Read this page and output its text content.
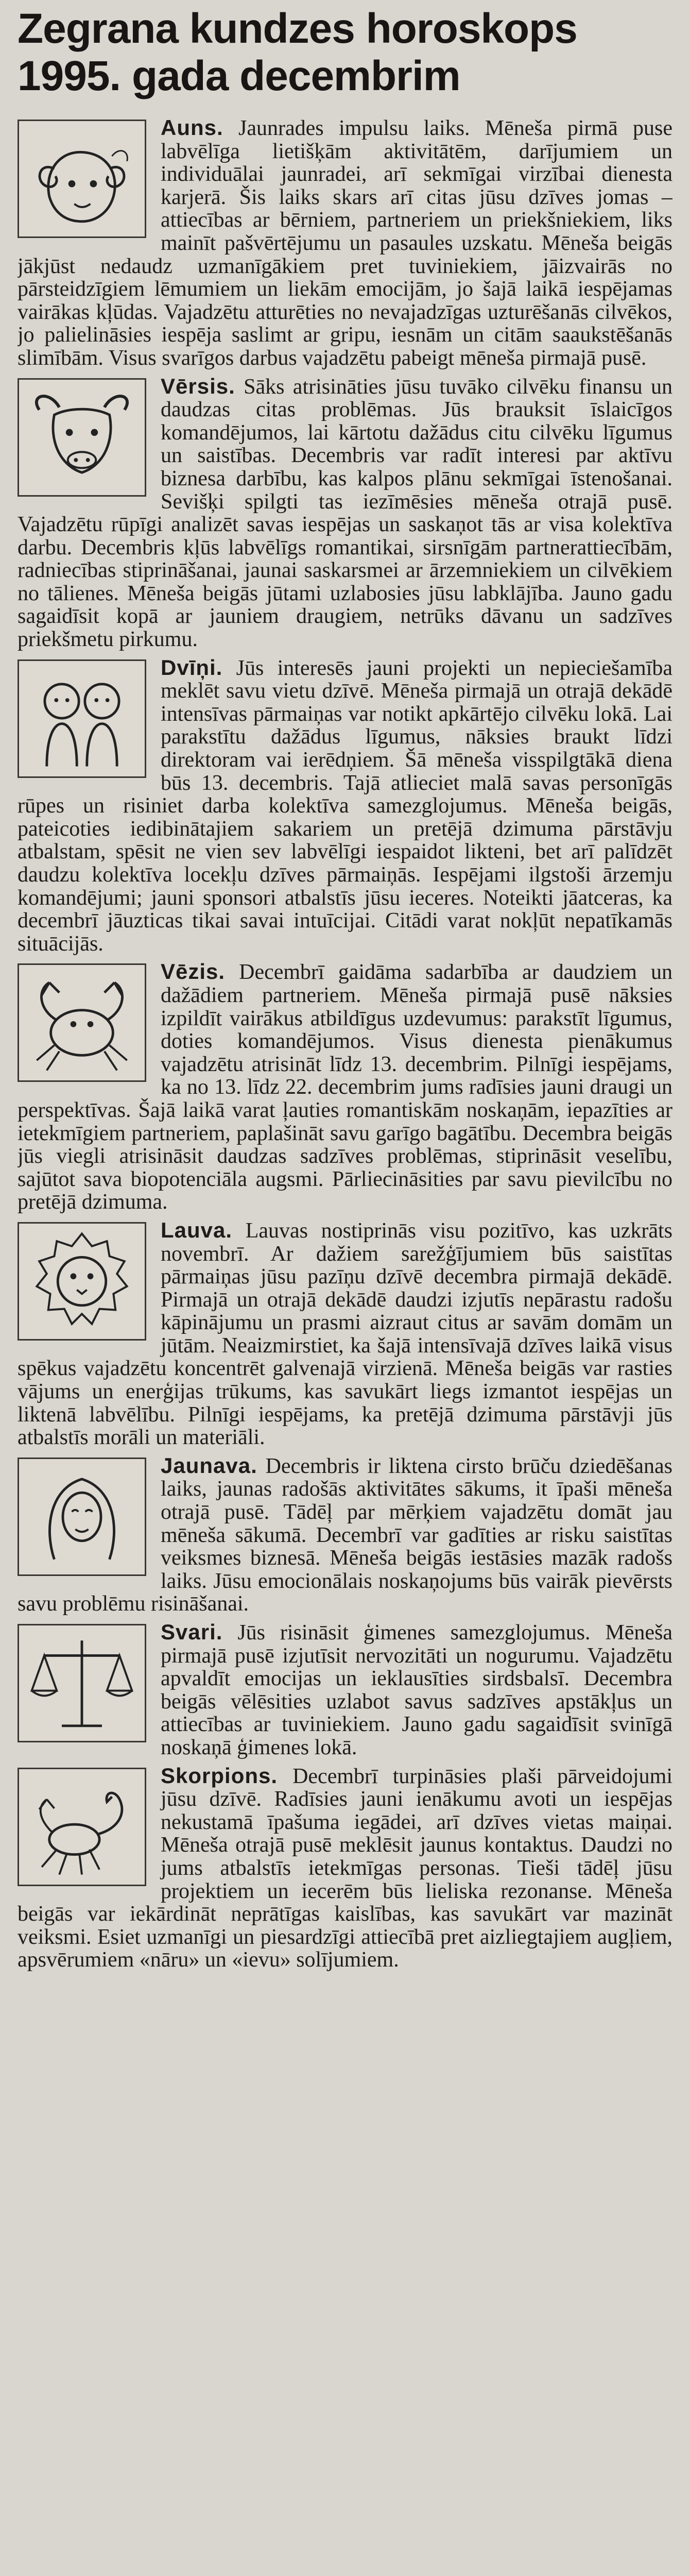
Zegrana kundzes horoskops
1995. gada decembrim

Auns. Jaunrades impulsu laiks. Mēneša pirmā puse labvēlīga lietišķām aktivitātēm, darījumiem un individuālai jaunradei, arī sekmīgai virzībai dienesta karjerā. Šis laiks skars arī citas jūsu dzīves jomas – attiecības ar bērniem, partneriem un priekšniekiem, liks mainīt pašvērtējumu un pasaules uzskatu. Mēneša beigās jākjūst nedaudz uzmanīgākiem pret tuviniekiem, jāizvairās no pārsteidzīgiem lēmumiem un liekām emocijām, jo šajā laikā iespējamas vairākas kļūdas. Vajadzētu atturēties no nevajadzīgas uzturēšanās cilvēkos, jo palielināsies iespēja saslimt ar gripu, iesnām un citām saaukstēšanās slimībām. Visus svarīgos darbus vajadzētu pabeigt mēneša pirmajā pusē.

Vērsis. Sāks atrisināties jūsu tuvāko cilvēku finansu un daudzas citas problēmas. Jūs brauksit īslaicīgos komandējumos, lai kārtotu dažādus citu cilvēku līgumus un saistības. Decembris var radīt interesi par aktīvu biznesa darbību, kas kalpos plānu sekmīgai īstenošanai. Sevišķi spilgti tas iezīmēsies mēneša otrajā pusē. Vajadzētu rūpīgi analizēt savas iespējas un saskaņot tās ar visa kolektīva darbu. Decembris kļūs labvēlīgs romantikai, sirsnīgām partnerattiecībām, radniecības stiprināšanai, jaunai saskarsmei ar ārzemniekiem un cilvēkiem no tālienes. Mēneša beigās jūtami uzlabosies jūsu labklājība. Jauno gadu sagaidīsit kopā ar jauniem draugiem, netrūks dāvanu un sadzīves priekšmetu pirkumu.

Dvīņi. Jūs interesēs jauni projekti un nepieciešamība meklēt savu vietu dzīvē. Mēneša pirmajā un otrajā dekādē intensīvas pārmaiņas var notikt apkārtējo cilvēku lokā. Lai parakstītu dažādus līgumus, nāksies braukt līdzi direktoram vai ierēdņiem. Šā mēneša visspilgtākā diena būs 13. decembris. Tajā atlieciet malā savas personīgās rūpes un risiniet darba kolektīva samezglojumus. Mēneša beigās, pateicoties iedibinātajiem sakariem un pretējā dzimuma pārstāvju atbalstam, spēsit ne vien sev labvēlīgi iespaidot likteni, bet arī palīdzēt daudzu kolektīva locekļu dzīves pārmaiņās. Iespējami ilgstoši ārzemju komandējumi; jauni sponsori atbalstīs jūsu ieceres. Noteikti jāatceras, ka decembrī jāuzticas tikai savai intuīcijai. Citādi varat nokļūt nepatīkamās situācijās.

Vēzis. Decembrī gaidāma sadarbība ar daudziem un dažādiem partneriem. Mēneša pirmajā pusē nāksies izpildīt vairākus atbildīgus uzdevumus: parakstīt līgumus, doties komandējumos. Visus dienesta pienākumus vajadzētu atrisināt līdz 13. decembrim. Pilnīgi iespējams, ka no 13. līdz 22. decembrim jums radīsies jauni draugi un perspektīvas. Šajā laikā varat ļauties romantiskām noskaņām, iepazīties ar ietekmīgiem partneriem, paplašināt savu garīgo bagātību. Decembra beigās jūs viegli atrisināsit daudzas sadzīves problēmas, stiprināsit veselību, sajūtot sava biopotenciāla augsmi. Pārliecināsities par savu pievilcību no pretējā dzimuma.

Lauva. Lauvas nostiprinās visu pozitīvo, kas uzkrāts novembrī. Ar dažiem sarežģījumiem būs saistītas pārmaiņas jūsu pazīņu dzīvē decembra pirmajā dekādē. Pirmajā un otrajā dekādē daudzi izjutīs nepārastu radošu kāpinājumu un prasmi aizraut citus ar savām domām un jūtām. Neaizmirstiet, ka šajā intensīvajā dzīves laikā visus spēkus vajadzētu koncentrēt galvenajā virzienā. Mēneša beigās var rasties vājums un enerģijas trūkums, kas savukārt liegs izmantot iespējas un liktenā labvēlību. Pilnīgi iespējams, ka pretējā dzimuma pārstāvji jūs atbalstīs morāli un materiāli.

Jaunava. Decembris ir liktenа cirsto brūču dziedēšanas laiks, jaunas radošās aktivitātes sākums, it īpaši mēneša otrajā pusē. Tādēļ par mērķiem vajadzētu domāt jau mēneša sākumā. Decembrī var gadīties ar risku saistītas veiksmes biznesā. Mēneša beigās iestāsies mazāk radošs laiks. Jūsu emocionālais noskaņojums būs vairāk pievērsts savu problēmu risināšanai.

Svari. Jūs risināsit ģimenes samezglojumus. Mēneša pirmajā pusē izjutīsit nervozitāti un nogurumu. Vajadzētu apvaldīt emocijas un ieklausīties sirdsbalsī. Decembra beigās vēlēsities uzlabot savus sadzīves apstākļus un attiecības ar tuviniekiem. Jauno gadu sagaidīsit svinīgā noskaņā ģimenes lokā.

Skorpions. Decembrī turpināsies plaši pārveidojumi jūsu dzīvē. Radīsies jauni ienākumu avoti un iespējas nekustamā īpašuma iegādei, arī dzīves vietas maiņai. Mēneša otrajā pusē meklēsit jaunus kontaktus. Daudzi no jums atbalstīs ietekmīgas personas. Tieši tādēļ jūsu projektiem un iecerēm būs lieliska rezonanse. Mēneša beigās var iekārdināt neprātīgas kaislības, kas savukārt var mazināt veiksmi. Esiet uzmanīgi un piesardzīgi attiecībā pret aizliegtajiem augļiem, apsvērumiem «nāru» un «ievu» solījumiem.
